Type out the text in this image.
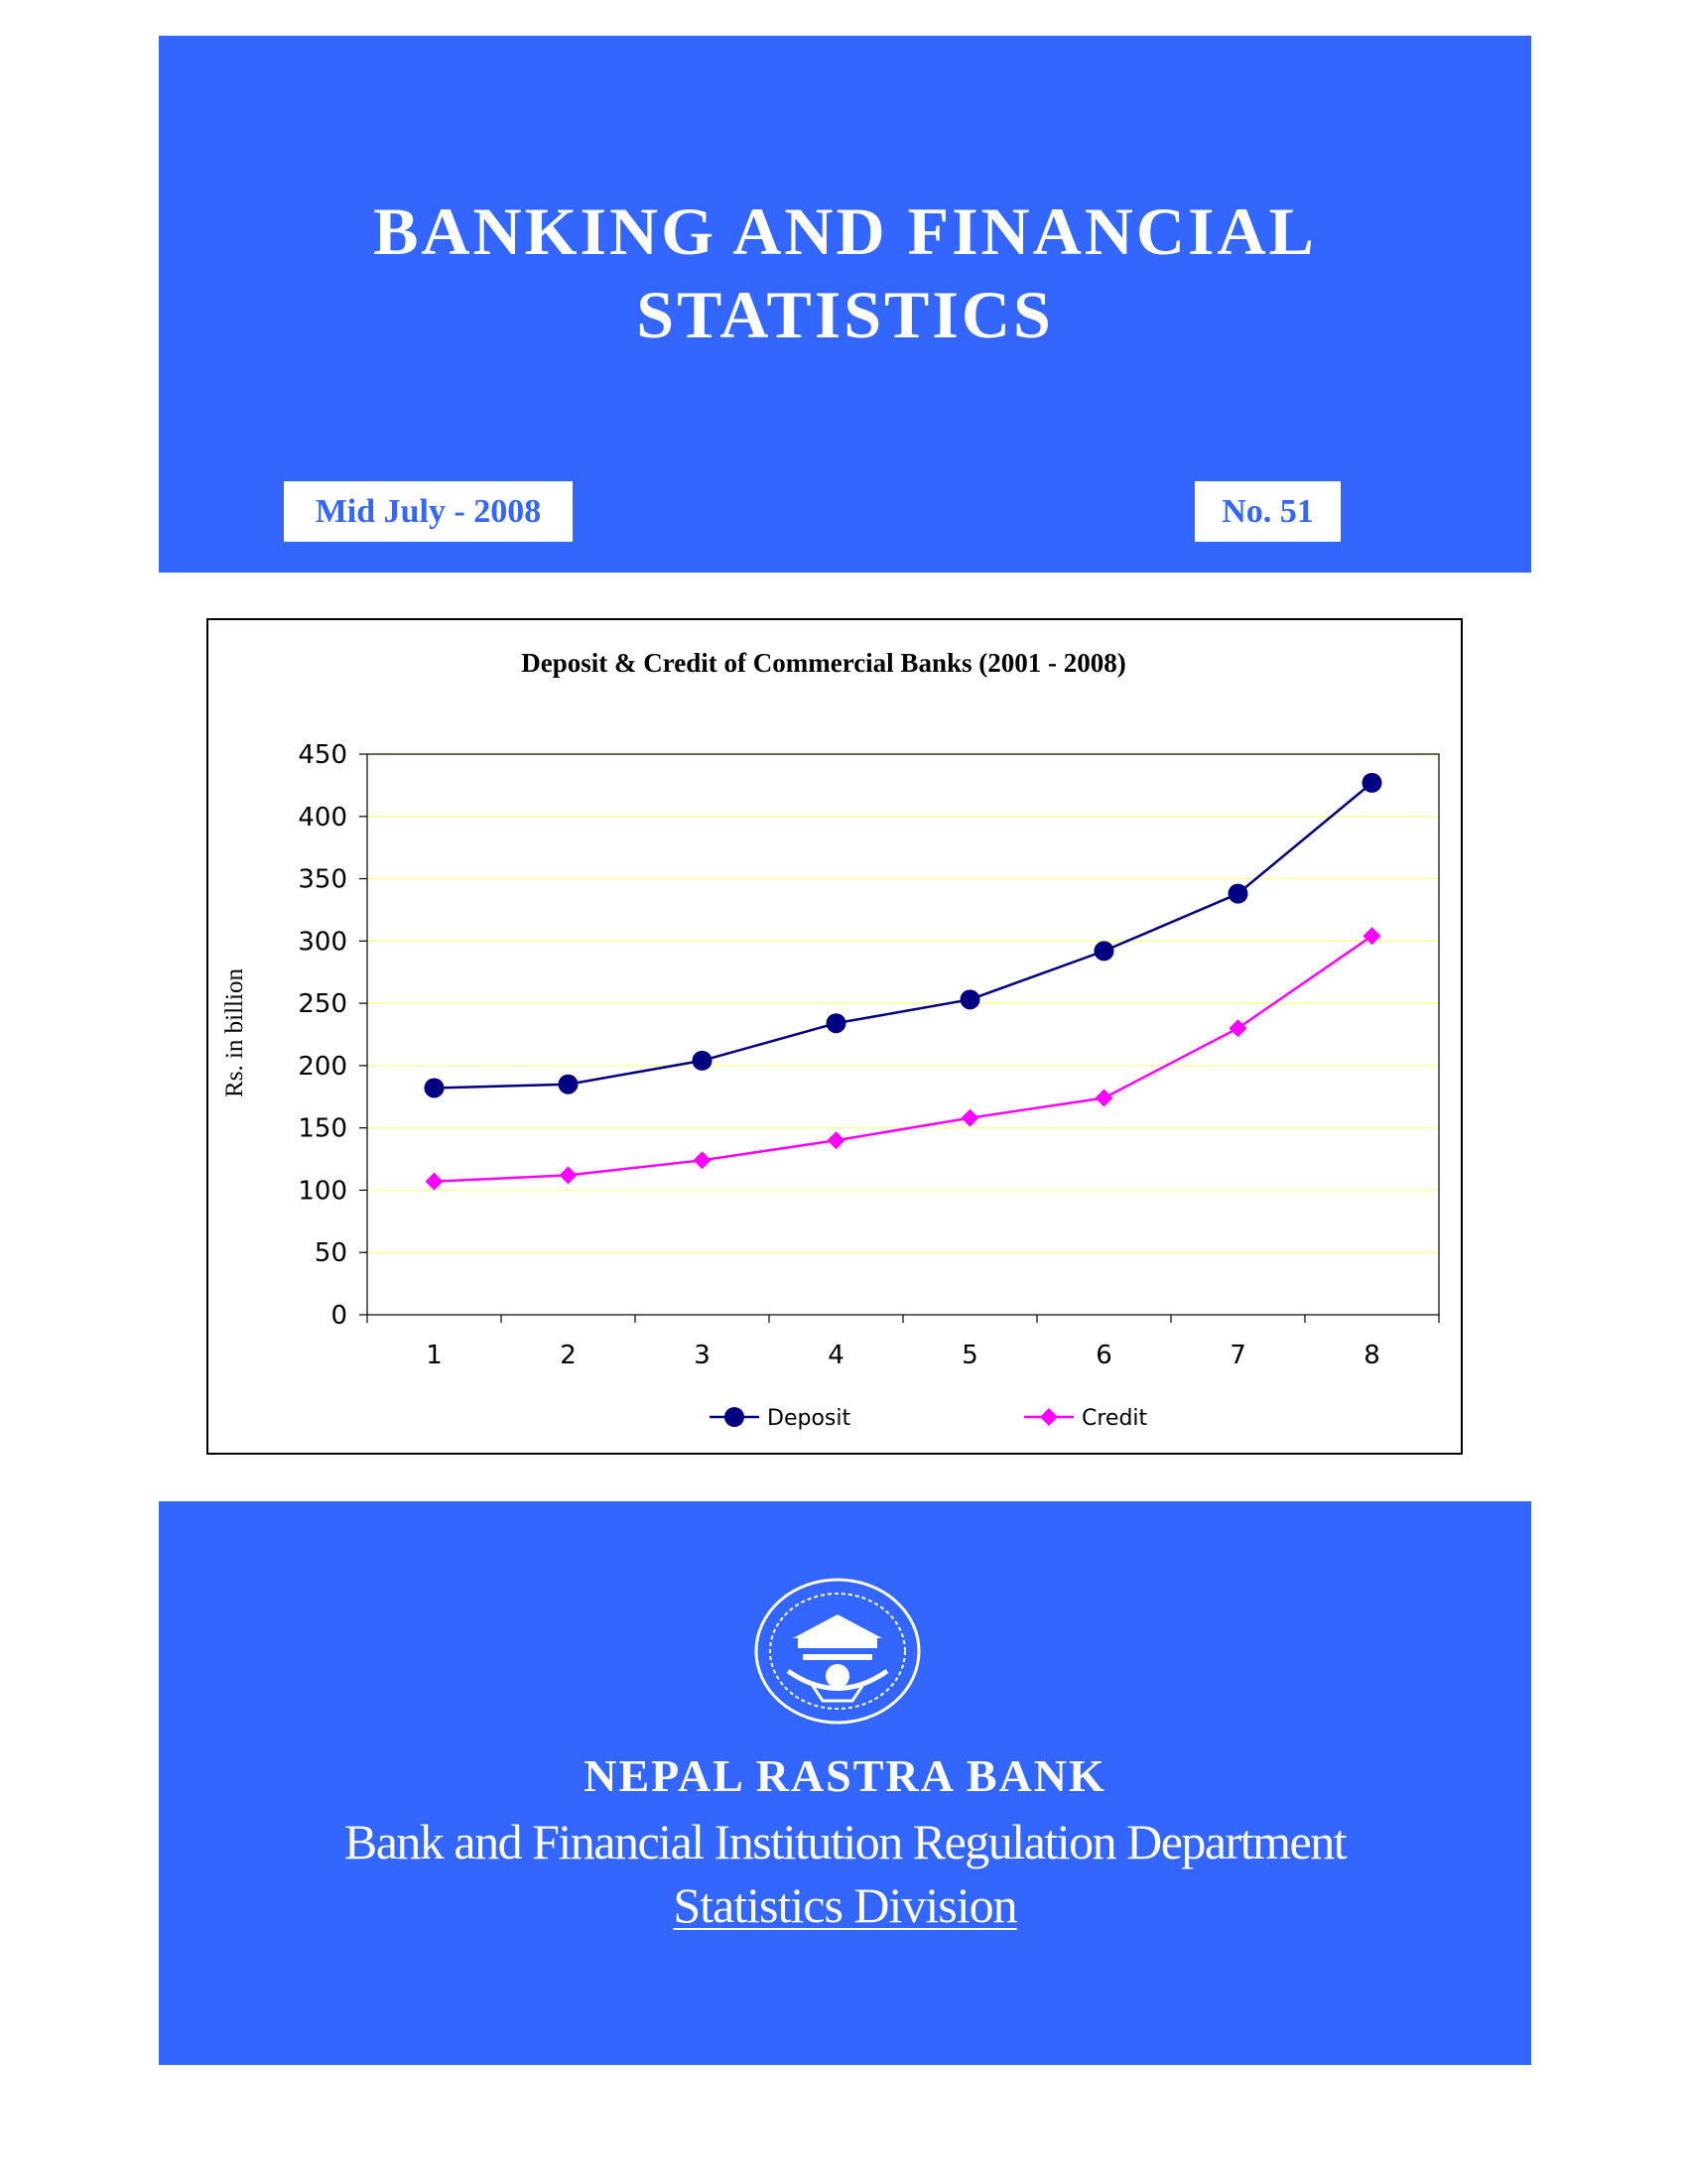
BANKING AND FINANCIAL
STATISTICS
Mid July - 2008	No. 51
Deposit & Credit of Commercial Banks (2001 - 2008)
Rs. in billion
0
50
100
150
200
250
300
350
400
450
1	2	3	4	5	6	7	8
Deposit	Credit
NEPAL RASTRA BANK
Bank and Financial Institution Regulation Department
Statistics Division
